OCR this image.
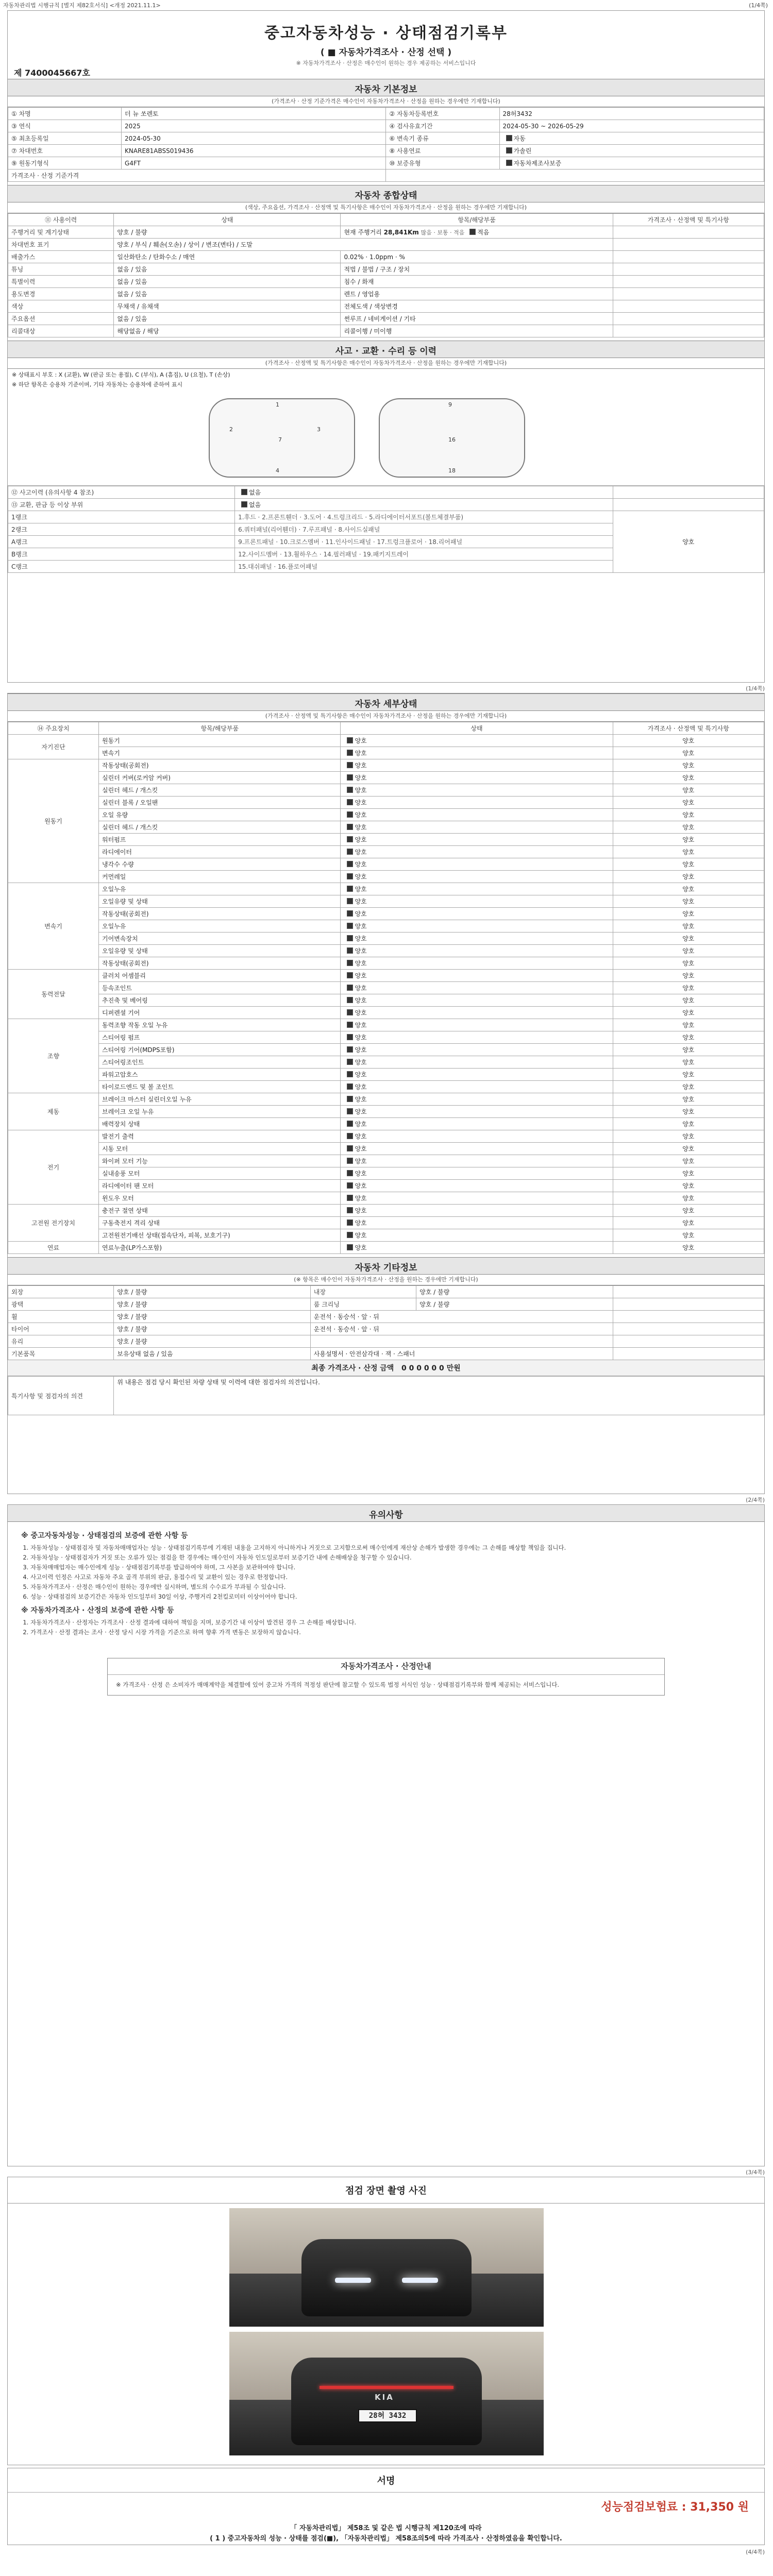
자동차관리법 시행규칙 [별지 제82호서식] <개정 2021.11.1>	(1/4쪽)
중고자동차성능 · 상태점검기록부
( ■ 자동차가격조사 · 산정 선택 )
※ 자동차가격조사 · 산정은 매수인이 원하는 경우 제공하는 서비스입니다
제 7400045667호
자동차 기본정보
(가격조사 · 산정 기준가격은 매수인이 자동차가격조사 · 산정을 원하는 경우에만 기재합니다)
① 차명	더 뉴 쏘렌토	② 자동차등록번호	28허3432
③ 연식	2025	④ 검사유효기간	2024-05-30 ~ 2026-05-29
⑤ 최초등록일	2024-05-30	⑥ 변속기 종류	자동
⑦ 차대번호	KNARE81ABSS019436	⑧ 사용연료	가솔린
⑨ 원동기형식	G4FT	⑩ 보증유형	자동차제조사보증
가격조사 · 산정 기준가격			
자동차 종합상태
(색상, 주요옵션, 가격조사 · 산정액 및 특기사항은 매수인이 자동차가격조사 · 산정을 원하는 경우에만 기재합니다)
⑪ 사용이력	상태	항목/해당부품	가격조사 · 산정액 및 특기사항
주행거리 및 계기상태	양호 / 불량	현재 주행거리 28,841Km 많음 · 보통 · 적음 적음	
차대번호 표기	양호 / 부식 / 훼손(오손) / 상이 / 변조(변타) / 도말		
배출가스	일산화탄소 / 탄화수소 / 매연	0.02% · 1.0ppm · %	
튜닝	없음 / 있음	적법 / 불법 / 구조 / 장치	
특별이력	없음 / 있음	침수 / 화재	
용도변경	없음 / 있음	렌트 / 영업용	
색상	무채색 / 유채색	전체도색 / 색상변경	
주요옵션	없음 / 있음	썬루프 / 네비게이션 / 기타	
리콜대상	해당없음 / 해당	리콜이행 / 미이행	
사고 · 교환 · 수리 등 이력
(가격조사 · 산정액 및 특기사항은 매수인이 자동차가격조사 · 산정을 원하는 경우에만 기재합니다)
※ 상태표시 부호 : X (교환), W (판금 또는 용접), C (부식), A (흠집), U (요철), T (손상)
※ 하단 항목은 승용차 기준이며, 기타 자동차는 승용차에 준하여 표시
1
2	3
7
4
9
16
18
⑫ 사고이력 (유의사항 4 참조)	없음	
⑬ 교환, 판금 등 이상 부위	없음	
1랭크	1.후드 · 2.프론트휀더 · 3.도어 · 4.트렁크리드 · 5.라디에이터서포트(볼트체결부품)	양호
2랭크	6.쿼터패널(리어휀더) · 7.루프패널 · 8.사이드실패널	
A랭크	9.프론트패널 · 10.크로스멤버 · 11.인사이드패널 · 17.트렁크플로어 · 18.리어패널	
B랭크	12.사이드멤버 · 13.휠하우스 · 14.필러패널 · 19.패키지트레이	
C랭크	15.대쉬패널 · 16.플로어패널	
(1/4쪽)
자동차 세부상태
(가격조사 · 산정액 및 특기사항은 매수인이 자동차가격조사 · 산정을 원하는 경우에만 기재합니다)
⑭ 주요장치	항목/해당부품	상태	가격조사 · 산정액 및 특기사항
자기진단	원동기	양호	양호
	변속기	양호	양호
원동기	작동상태(공회전)	양호	양호
	실린더 커버(로커암 커버)	양호	양호
	실린더 헤드 / 개스킷	양호	양호
	실린더 블록 / 오일팬	양호	양호
	오일 유량	양호	양호
	실린더 헤드 / 개스킷	양호	양호
	워터펌프	양호	양호
	라디에이터	양호	양호
	냉각수 수량	양호	양호
	커먼레일	양호	양호
변속기	오일누유	양호	양호
	오일유량 및 상태	양호	양호
	작동상태(공회전)	양호	양호
	오일누유	양호	양호
	기어변속장치	양호	양호
	오일유량 및 상태	양호	양호
	작동상태(공회전)	양호	양호
동력전달	클러치 어셈블리	양호	양호
	등속조인트	양호	양호
	추진축 및 베어링	양호	양호
	디퍼렌셜 기어	양호	양호
조향	동력조향 작동 오일 누유	양호	양호
	스티어링 펌프	양호	양호
	스티어링 기어(MDPS포함)	양호	양호
	스티어링조인트	양호	양호
	파워고압호스	양호	양호
	타이로드엔드 및 볼 조인트	양호	양호
제동	브레이크 마스터 실린더오일 누유	양호	양호
	브레이크 오일 누유	양호	양호
	배력장치 상태	양호	양호
전기	발전기 출력	양호	양호
	시동 모터	양호	양호
	와이퍼 모터 기능	양호	양호
	실내송풍 모터	양호	양호
	라디에이터 팬 모터	양호	양호
	윈도우 모터	양호	양호
고전원 전기장치	충전구 절연 상태	양호	양호
	구동축전지 격리 상태	양호	양호
	고전원전기배선 상태(접속단자, 피복, 보호기구)	양호	양호
연료	연료누출(LP가스포함)	양호	양호
자동차 기타정보
(※ 항목은 매수인이 자동차가격조사 · 산정을 원하는 경우에만 기재합니다)
외장	양호 / 불량	내장	양호 / 불량	
광택	양호 / 불량	룸 크리닝	양호 / 불량	
휠	양호 / 불량	운전석 · 동승석 · 앞 · 뒤		
타이어	양호 / 불량	운전석 · 동승석 · 앞 · 뒤		
유리	양호 / 불량			
기본품목	보유상태 없음 / 있음	사용설명서 · 안전삼각대 · 잭 · 스패너		
최종 가격조사 · 산정 금액 0 0 0 0 0 0 만원
특기사항 및 점검자의 의견	위 내용은 점검 당시 확인된 차량 상태 및 이력에 대한 점검자의 의견입니다.
(2/4쪽)
유의사항
※ 중고자동차성능 · 상태점검의 보증에 관한 사항 등
1. 자동차성능 · 상태점검자 및 자동차매매업자는 성능 · 상태점검기록부에 기재된 내용을 고지하지 아니하거나 거짓으로 고지함으로써 매수인에게 재산상 손해가 발생한 경우에는 그 손해를 배상할 책임을 집니다.
2. 자동차성능 · 상태점검자가 거짓 또는 오류가 있는 점검을 한 경우에는 매수인이 자동차 인도일로부터 보증기간 내에 손해배상을 청구할 수 있습니다.
3. 자동차매매업자는 매수인에게 성능 · 상태점검기록부를 발급하여야 하며, 그 사본을 보관하여야 합니다.
4. 사고이력 인정은 사고로 자동차 주요 골격 부위의 판금, 용접수리 및 교환이 있는 경우로 한정합니다.
5. 자동차가격조사 · 산정은 매수인이 원하는 경우에만 실시하며, 별도의 수수료가 부과될 수 있습니다.
6. 성능 · 상태점검의 보증기간은 자동차 인도일부터 30일 이상, 주행거리 2천킬로미터 이상이어야 합니다.
※ 자동차가격조사 · 산정의 보증에 관한 사항 등
1. 자동차가격조사 · 산정자는 가격조사 · 산정 결과에 대하여 책임을 지며, 보증기간 내 이상이 발견된 경우 그 손해를 배상합니다.
2. 가격조사 · 산정 결과는 조사 · 산정 당시 시장 가격을 기준으로 하며 향후 가격 변동은 보장하지 않습니다.
자동차가격조사 · 산정안내
※ 가격조사 · 산정 은 소비자가 매매계약을 체결함에 있어 중고차 가격의 적정성 판단에 참고할 수 있도록 법정 서식인 성능 · 상태점검기록부와 함께 제공되는 서비스입니다.
(3/4쪽)
점검 장면 촬영 사진
KIA
28허 3432
서명
성능점검보험료 : 31,350 원
「 자동차관리법」 제58조 및 같은 법 시행규칙 제120조에 따라
( 1 ) 중고자동차의 성능 · 상태를 점검(■), 「자동차관리법」 제58조의5에 따라 가격조사 · 산정하였음을 확인합니다.
(4/4쪽)
